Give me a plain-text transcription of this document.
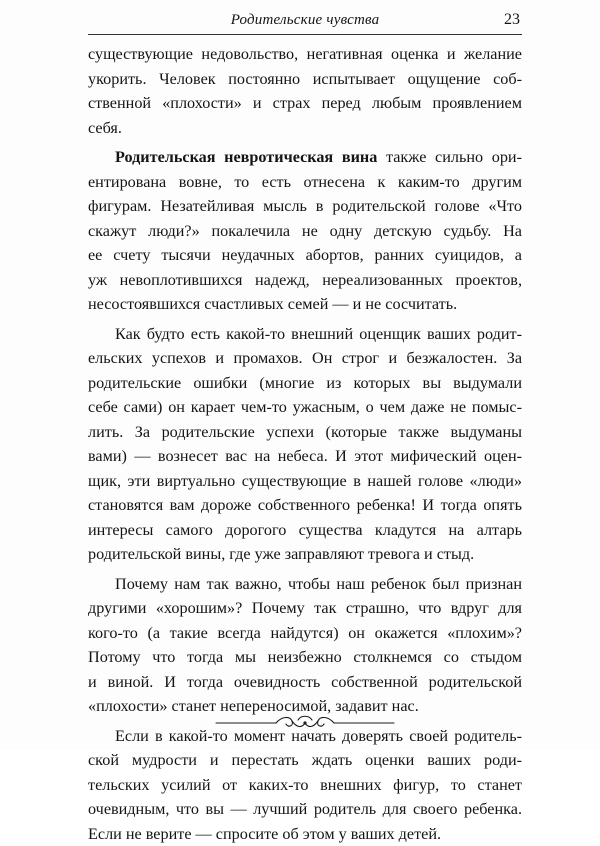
Родительские чувства	23
существующие недовольство, негативная оценка и желание
укорить. Человек постоянно испытывает ощущение соб-
ственной «плохости» и страх перед любым проявлением
себя.
Родительская невротическая вина также сильно ори-
ентирована вовне, то есть отнесена к каким-то другим
фигурам. Незатейливая мысль в родительской голове «Что
скажут люди?» покалечила не одну детскую судьбу. На
ее счету тысячи неудачных абортов, ранних суицидов, а
уж невоплотившихся надежд, нереализованных проектов,
несостоявшихся счастливых семей — и не сосчитать.
Как будто есть какой-то внешний оценщик ваших родит-
ельских успехов и промахов. Он строг и безжалостен. За
родительские ошибки (многие из которых вы выдумали
себе сами) он карает чем-то ужасным, о чем даже не помыс-
лить. За родительские успехи (которые также выдуманы
вами) — вознесет вас на небеса. И этот мифический оцен-
щик, эти виртуально существующие в нашей голове «люди»
становятся вам дороже собственного ребенка! И тогда опять
интересы самого дорогого существа кладутся на алтарь
родительской вины, где уже заправляют тревога и стыд.
Почему нам так важно, чтобы наш ребенок был признан
другими «хорошим»? Почему так страшно, что вдруг для
кого-то (а такие всегда найдутся) он окажется «плохим»?
Потому что тогда мы неизбежно столкнемся со стыдом
и виной. И тогда очевидность собственной родительской
«плохости» станет непереносимой, задавит нас.
Если в какой-то момент начать доверять своей родитель-
ской мудрости и перестать ждать оценки ваших роди-
тельских усилий от каких-то внешних фигур, то станет
очевидным, что вы — лучший родитель для своего ребенка.
Если не верите — спросите об этом у ваших детей.
